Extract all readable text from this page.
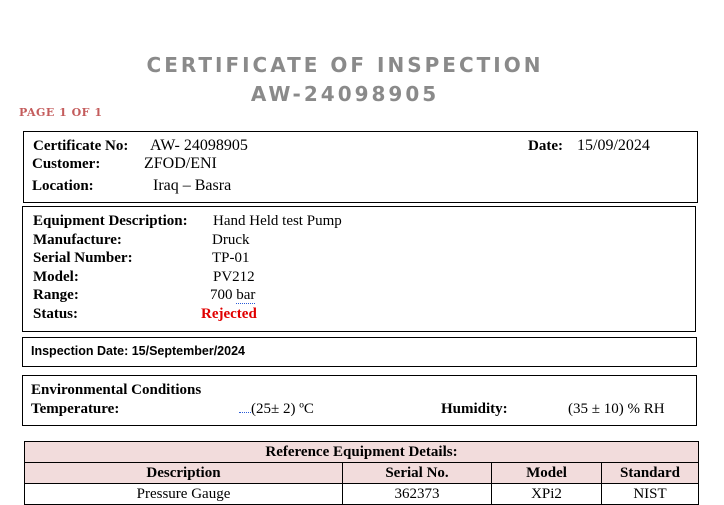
CERTIFICATE OF INSPECTION
AW-24098905
PAGE 1 OF 1
Certificate No: AW- 24098905	Date: 15/09/2024
Customer:	ZFOD/ENI
Location:	Iraq – Basra
Equipment Description: Hand Held test Pump
Manufacture:	Druck
Serial Number:	TP-01
Model:	PV212
Range:	700 bar
Status:	Rejected
Inspection Date: 15/September/2024
Environmental Conditions
Temperature:	(25± 2) ºC	Humidity:	(35 ± 10) % RH
Reference Equipment Details:			
Description	Serial No.	Model	Standard
Pressure Gauge	362373	XPi2	NIST
